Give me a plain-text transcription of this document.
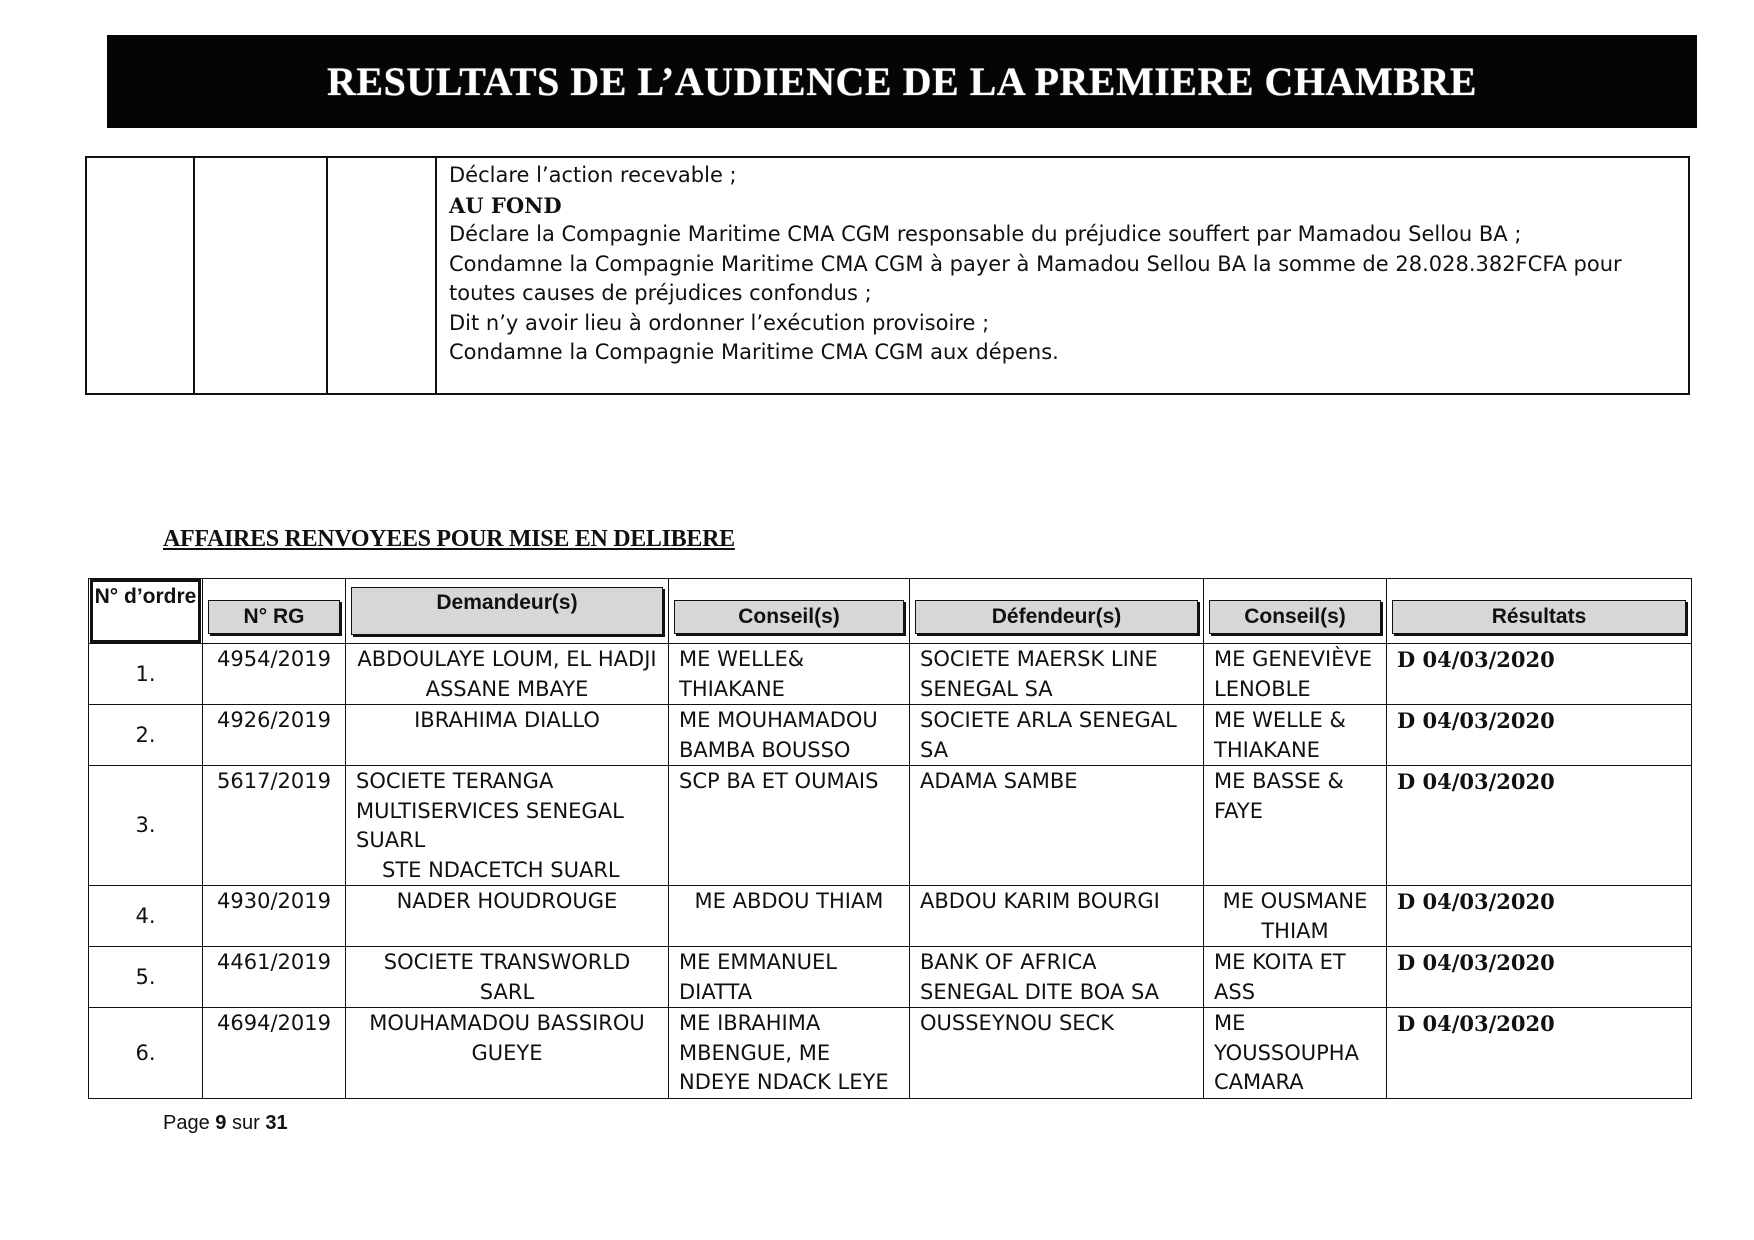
RESULTATS DE L’AUDIENCE DE LA PREMIERE CHAMBRE

Déclare l’action recevable ;
AU FOND
Déclare la Compagnie Maritime CMA CGM responsable du préjudice souffert par Mamadou Sellou BA ;
Condamne la Compagnie Maritime CMA CGM à payer à Mamadou Sellou BA la somme de 28.028.382FCFA pour toutes causes de préjudices confondus ;
Dit n’y avoir lieu à ordonner l’exécution provisoire ;
Condamne la Compagnie Maritime CMA CGM aux dépens.
AFFAIRES RENVOYEES POUR MISE EN DELIBERE
N° d’ordre	N° RG	Demandeur(s)	Conseil(s)	Défendeur(s)	Conseil(s)	Résultats

1.	4954/2019	ABDOULAYE LOUM, EL HADJI ASSANE MBAYE	ME WELLE& THIAKANE	SOCIETE MAERSK LINE SENEGAL SA	ME GENEVIÈVE LENOBLE	D 04/03/2020
2.	4926/2019	IBRAHIMA DIALLO	ME MOUHAMADOU BAMBA BOUSSO	SOCIETE ARLA SENEGAL SA	ME WELLE & THIAKANE	D 04/03/2020
3.	5617/2019	SOCIETE TERANGA MULTISERVICES SENEGAL SUARL
STE NDACETCH SUARL	SCP BA ET OUMAIS	ADAMA SAMBE	ME BASSE & FAYE	D 04/03/2020
4.	4930/2019	NADER HOUDROUGE	ME ABDOU THIAM	ABDOU KARIM BOURGI	ME OUSMANE THIAM	D 04/03/2020
5.	4461/2019	SOCIETE TRANSWORLD SARL	ME EMMANUEL DIATTA	BANK OF AFRICA SENEGAL DITE BOA SA	ME KOITA ET ASS	D 04/03/2020
6.	4694/2019	MOUHAMADOU BASSIROU GUEYE	ME IBRAHIMA MBENGUE, ME NDEYE NDACK LEYE	OUSSEYNOU SECK	ME YOUSSOUPHA CAMARA	D 04/03/2020
Page 9 sur 31
